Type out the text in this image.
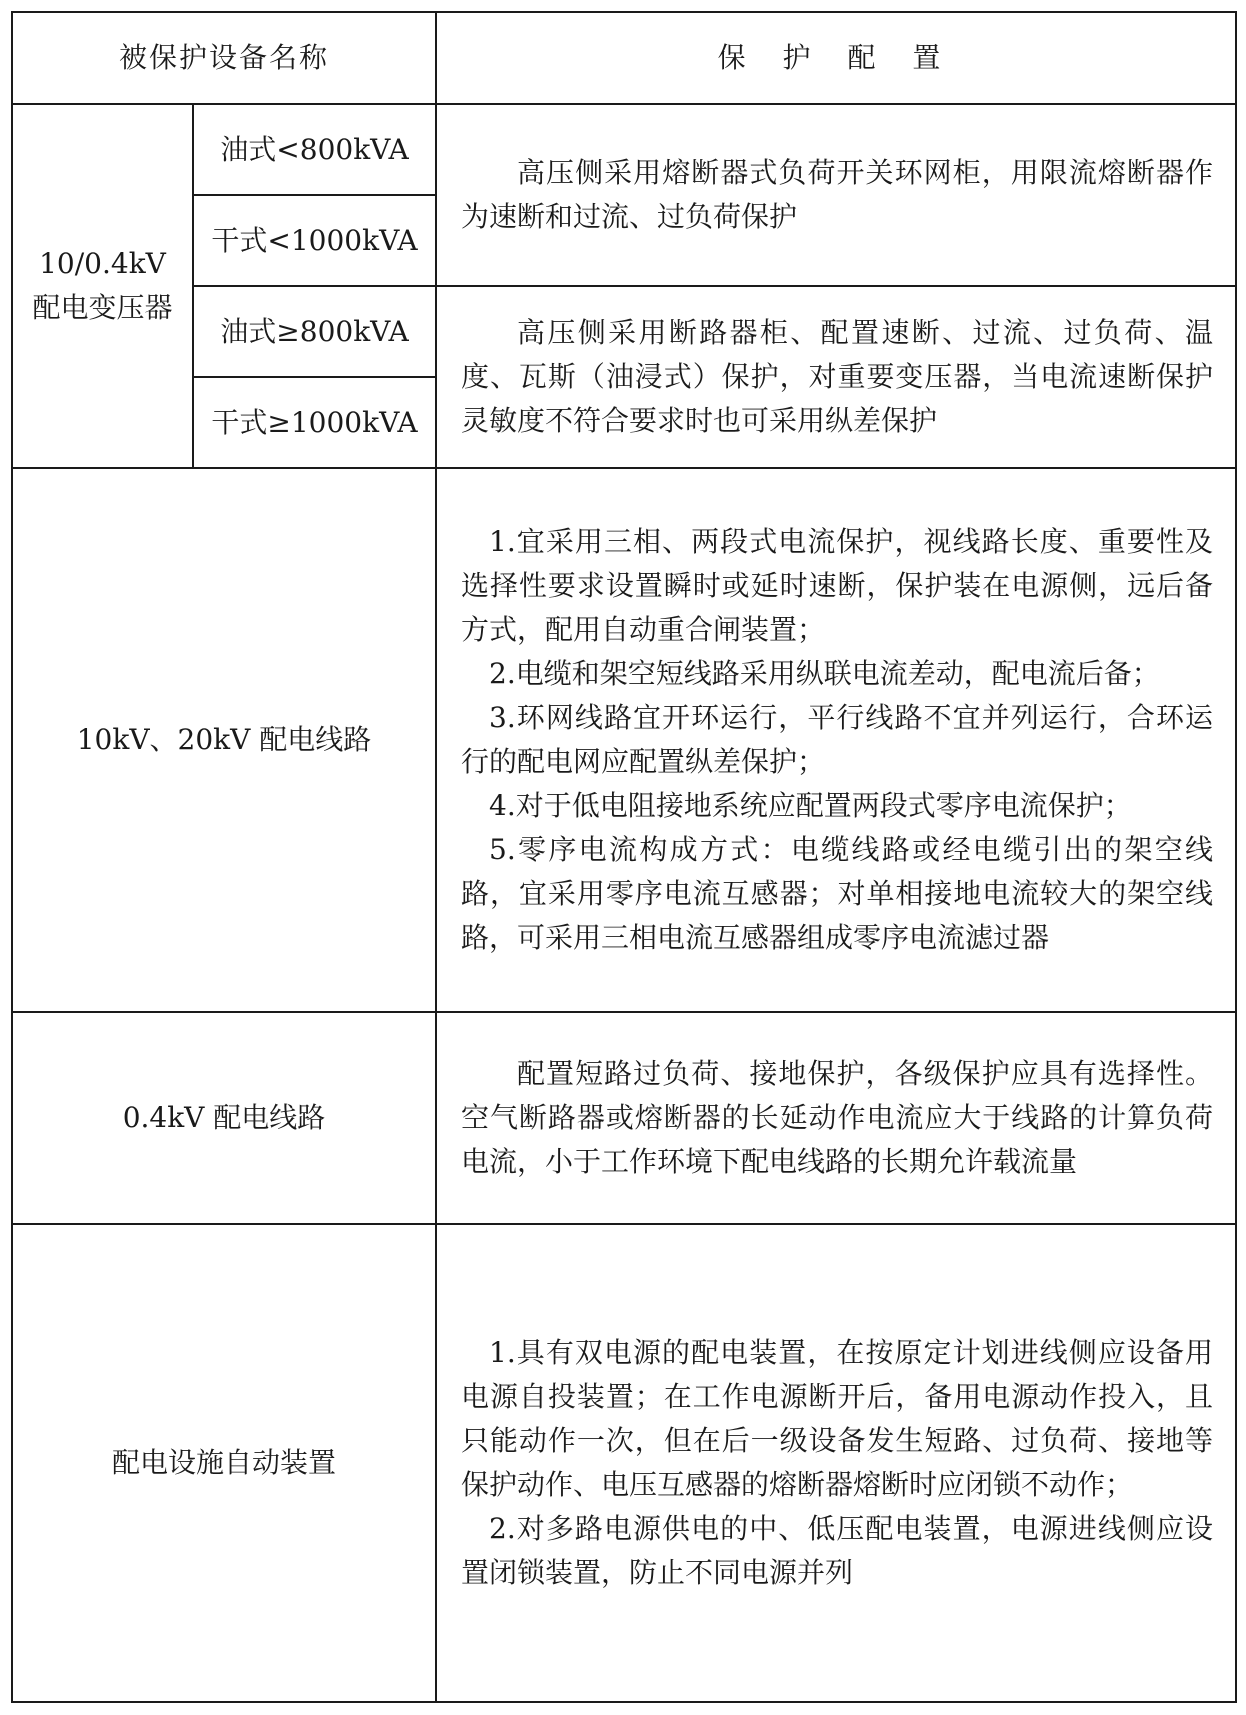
被保护设备名称		保 护 配 置

10/0.4kV
配电变压器	油式<800kVA	高压侧采用熔断器式负荷开关环网柜，用限流熔断器作为速断和过流、过负荷保护

	干式<1000kVA	
	油式≥800kVA	高压侧采用断路器柜、配置速断、过流、过负荷、温度、瓦斯（油浸式）保护，对重要变压器，当电流速断保护灵敏度不符合要求时也可采用纵差保护

	干式≥1000kVA	
10kV、20kV 配电线路		1.宜采用三相、两段式电流保护，视线路长度、重要性及选择性要求设置瞬时或延时速断，保护装在电源侧，远后备方式，配用自动重合闸装置；

2.电缆和架空短线路采用纵联电流差动，配电流后备；

3.环网线路宜开环运行，平行线路不宜并列运行，合环运行的配电网应配置纵差保护；

4.对于低电阻接地系统应配置两段式零序电流保护；

5.零序电流构成方式：电缆线路或经电缆引出的架空线路，宜采用零序电流互感器；对单相接地电流较大的架空线路，可采用三相电流互感器组成零序电流滤过器

0.4kV 配电线路		配置短路过负荷、接地保护，各级保护应具有选择性。空气断路器或熔断器的长延动作电流应大于线路的计算负荷电流，小于工作环境下配电线路的长期允许载流量

配电设施自动装置		1.具有双电源的配电装置，在按原定计划进线侧应设备用电源自投装置；在工作电源断开后，备用电源动作投入，且只能动作一次，但在后一级设备发生短路、过负荷、接地等保护动作、电压互感器的熔断器熔断时应闭锁不动作；

2.对多路电源供电的中、低压配电装置，电源进线侧应设置闭锁装置，防止不同电源并列
